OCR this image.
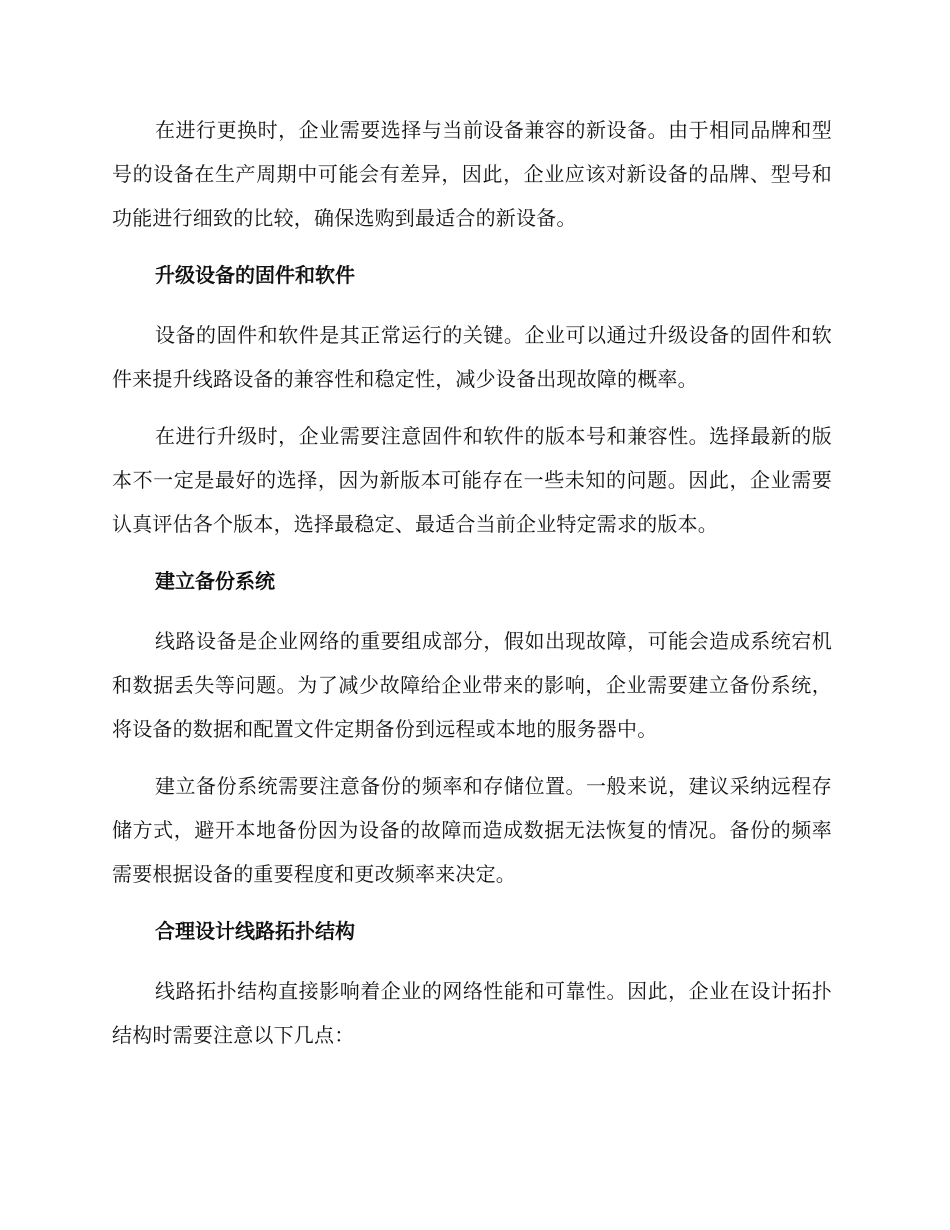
在进行更换时，企业需要选择与当前设备兼容的新设备。由于相同品牌和型号的设备在生产周期中可能会有差异，因此，企业应该对新设备的品牌、型号和功能进行细致的比较，确保选购到最适合的新设备。

升级设备的固件和软件

设备的固件和软件是其正常运行的关键。企业可以通过升级设备的固件和软件来提升线路设备的兼容性和稳定性，减少设备出现故障的概率。

在进行升级时，企业需要注意固件和软件的版本号和兼容性。选择最新的版本不一定是最好的选择，因为新版本可能存在一些未知的问题。因此，企业需要认真评估各个版本，选择最稳定、最适合当前企业特定需求的版本。

建立备份系统

线路设备是企业网络的重要组成部分，假如出现故障，可能会造成系统宕机和数据丢失等问题。为了减少故障给企业带来的影响，企业需要建立备份系统，将设备的数据和配置文件定期备份到远程或本地的服务器中。

建立备份系统需要注意备份的频率和存储位置。一般来说，建议采纳远程存储方式，避开本地备份因为设备的故障而造成数据无法恢复的情况。备份的频率需要根据设备的重要程度和更改频率来决定。

合理设计线路拓扑结构

线路拓扑结构直接影响着企业的网络性能和可靠性。因此，企业在设计拓扑结构时需要注意以下几点：
